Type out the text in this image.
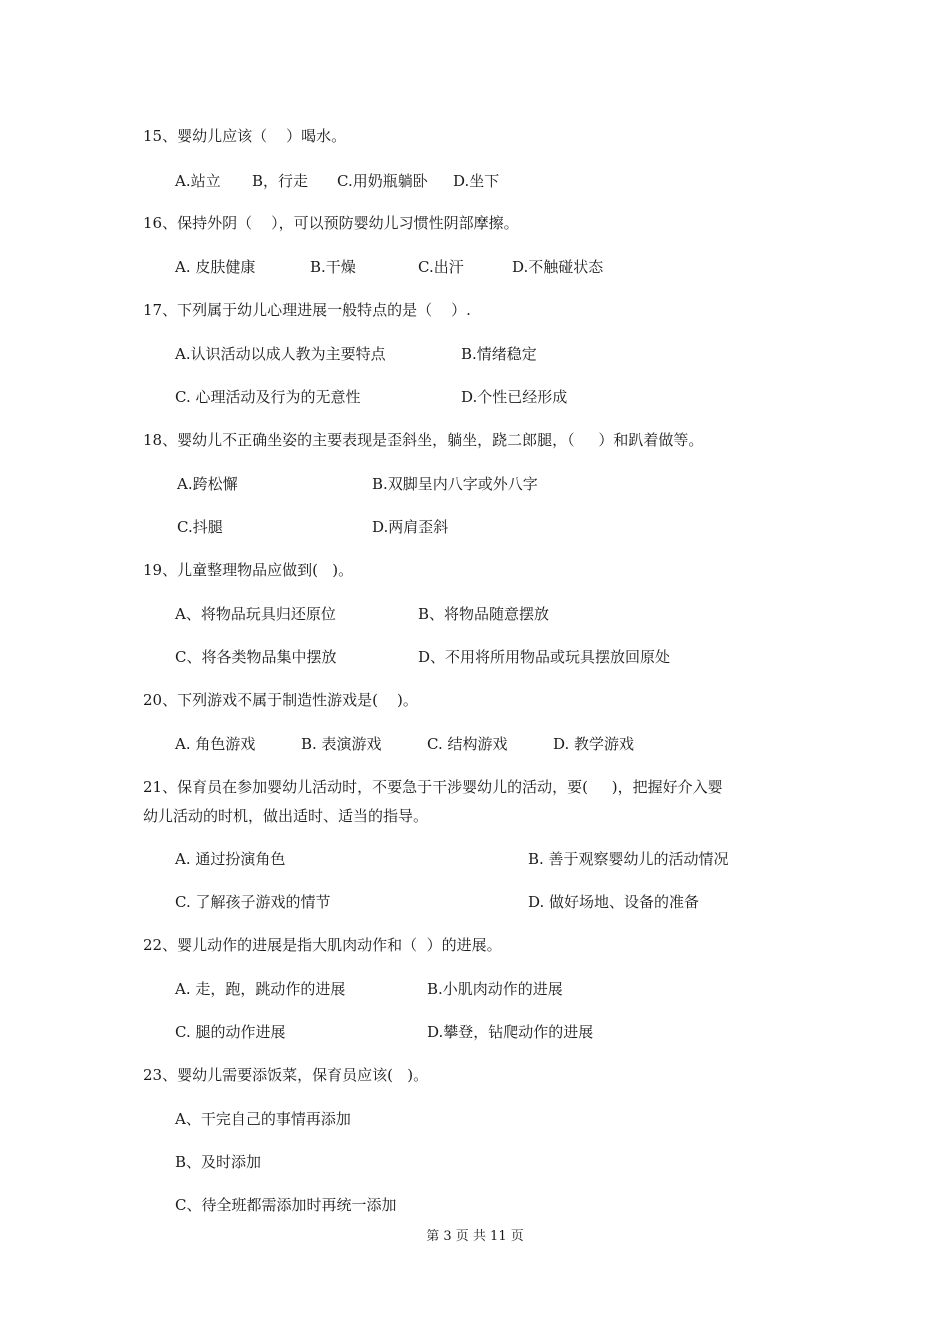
15、婴幼儿应该（    ）喝水。
A.站立 B，行走 C.用奶瓶躺卧 D.坐下
16、保持外阴（    ），可以预防婴幼儿习惯性阴部摩擦。
A. 皮肤健康	B.干燥	C.出汗	D.不触碰状态
17、下列属于幼儿心理进展一般特点的是（    ）.
A.认识活动以成人教为主要特点	B.情绪稳定
C. 心理活动及行为的无意性	D.个性已经形成
18、婴幼儿不正确坐姿的主要表现是歪斜坐，躺坐，跷二郎腿，（     ）和趴着做等。
A.跨松懈	B.双脚呈内八字或外八字
C.抖腿	D.两肩歪斜
19、儿童整理物品应做到(   )。
A、将物品玩具归还原位	B、将物品随意摆放
C、将各类物品集中摆放	D、不用将所用物品或玩具摆放回原处
20、下列游戏不属于制造性游戏是(    )。
A. 角色游戏	B. 表演游戏	C. 结构游戏	D. 教学游戏
21、保育员在参加婴幼儿活动时，不要急于干涉婴幼儿的活动，要(     )，把握好介入婴
幼儿活动的时机，做出适时、适当的指导。
A. 通过扮演角色	B. 善于观察婴幼儿的活动情况
C. 了解孩子游戏的情节	D. 做好场地、设备的准备
22、婴儿动作的进展是指大肌肉动作和（  ）的进展。
A. 走，跑，跳动作的进展	B.小肌肉动作的进展
C. 腿的动作进展	D.攀登，钻爬动作的进展
23、婴幼儿需要添饭菜，保育员应该(   )。
A、干完自己的事情再添加
B、及时添加
C、待全班都需添加时再统一添加
第 3 页 共 11 页
